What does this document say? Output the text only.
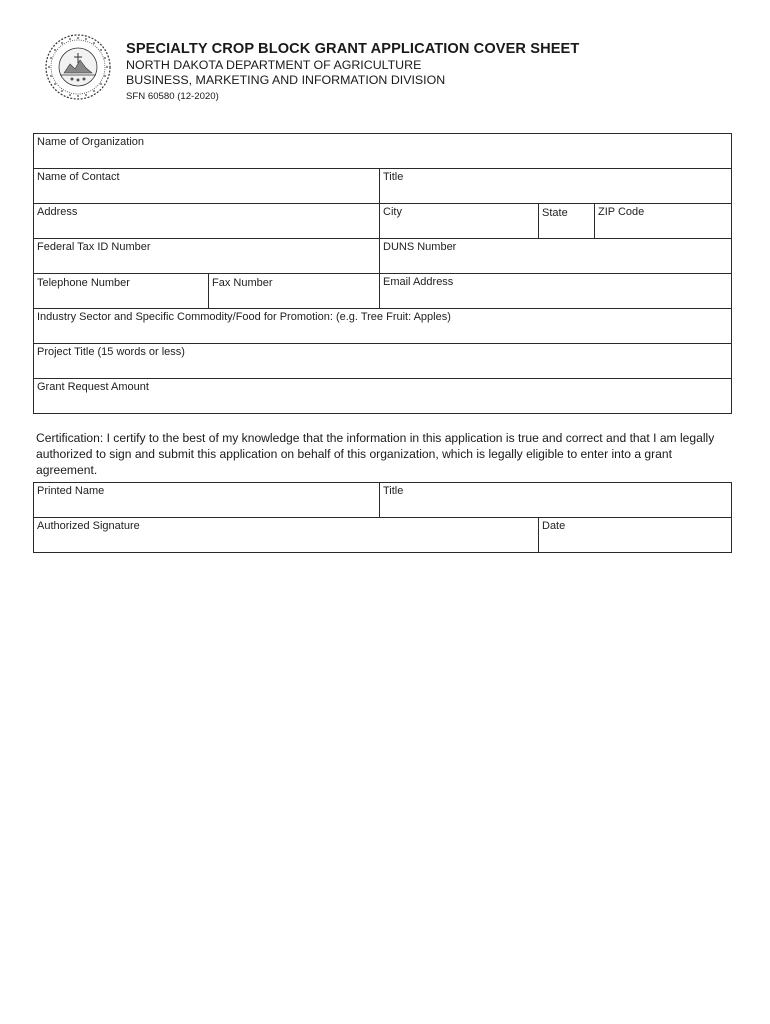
SPECIALTY CROP BLOCK GRANT APPLICATION COVER SHEET
NORTH DAKOTA DEPARTMENT OF AGRICULTURE
BUSINESS, MARKETING AND INFORMATION DIVISION
SFN 60580 (12-2020)
Name of Organization				

Name of Contact		Title		

Address		City	State	ZIP Code

Federal Tax ID Number		DUNS Number		

Telephone Number	Fax Number	Email Address		

Industry Sector and Specific Commodity/Food for Promotion: (e.g. Tree Fruit: Apples)				

Project Title (15 words or less)				

Grant Request Amount				
Certification: I certify to the best of my knowledge that the information in this application is true and correct and that I am legally authorized to sign and submit this application on behalf of this organization, which is legally eligible to enter into a grant agreement.
Printed Name	Title	

Authorized Signature		Date
